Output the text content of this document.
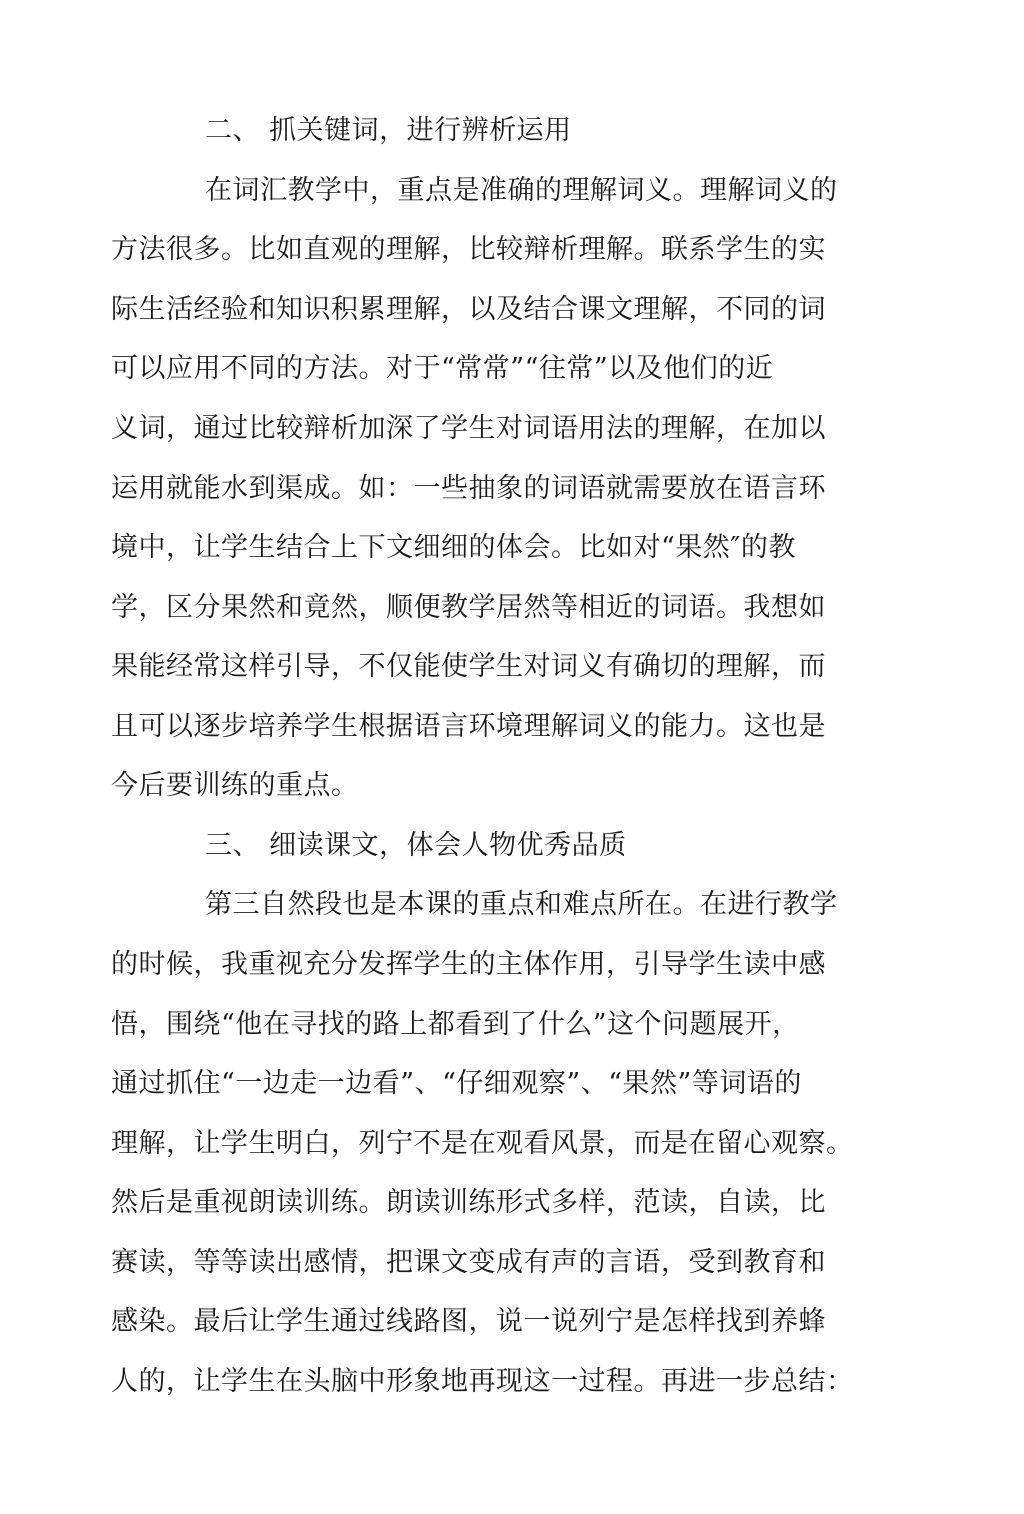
二、 抓关键词，进行辨析运用
在词汇教学中，重点是准确的理解词义。理解词义的
方法很多。比如直观的理解，比较辩析理解。联系学生的实
际生活经验和知识积累理解，以及结合课文理解，不同的词
可以应用不同的方法。对于“常常”“往常”以及他们的近
义词，通过比较辩析加深了学生对词语用法的理解，在加以
运用就能水到渠成。如：一些抽象的词语就需要放在语言环
境中，让学生结合上下文细细的体会。比如对“果然″的教
学，区分果然和竟然，顺便教学居然等相近的词语。我想如
果能经常这样引导，不仅能使学生对词义有确切的理解，而
且可以逐步培养学生根据语言环境理解词义的能力。这也是
今后要训练的重点。
三、 细读课文，体会人物优秀品质
第三自然段也是本课的重点和难点所在。在进行教学
的时候，我重视充分发挥学生的主体作用，引导学生读中感
悟，围绕“他在寻找的路上都看到了什么”这个问题展开，
通过抓住“一边走一边看”、“仔细观察”、“果然”等词语的
理解，让学生明白，列宁不是在观看风景，而是在留心观察。
然后是重视朗读训练。朗读训练形式多样，范读，自读，比
赛读，等等读出感情，把课文变成有声的言语，受到教育和
感染。最后让学生通过线路图，说一说列宁是怎样找到养蜂
人的，让学生在头脑中形象地再现这一过程。再进一步总结：
